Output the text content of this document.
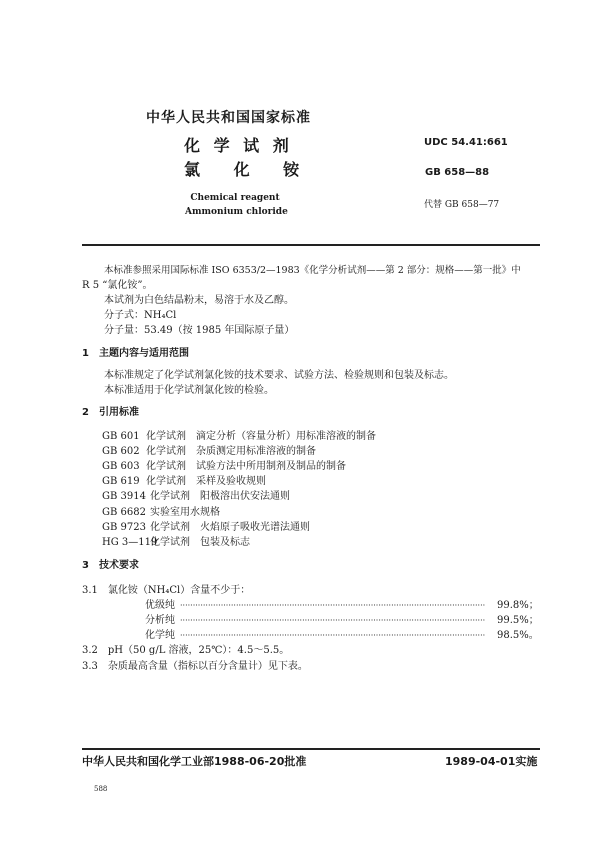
中华人民共和国国家标准
化 学 试 剂
氯　 化　 铵
Chemical reagent
Ammonium chloride
UDC 54.41:661
GB 658—88
代替 GB 658—77
本标准参照采用国际标准 ISO 6353/2—1983《化学分析试剂——第 2 部分：规格——第一批》中
R 5 “氯化铵”。
本试剂为白色结晶粉末，易溶于水及乙醇。
分子式：NH₄Cl
分子量：53.49（按 1985 年国际原子量）
1　主题内容与适用范围
本标准规定了化学试剂氯化铵的技术要求、试验方法、检验规则和包装及标志。
本标准适用于化学试剂氯化铵的检验。
2　引用标准
GB 601 化学试剂　滴定分析（容量分析）用标准溶液的制备
GB 602 化学试剂　杂质测定用标准溶液的制备
GB 603 化学试剂　试验方法中所用制剂及制品的制备
GB 619 化学试剂　采样及验收规则
GB 3914 化学试剂　阳极溶出伏安法通则
GB 6682 实验室用水规格
GB 9723 化学试剂　火焰原子吸收光谱法通则
HG 3—119
化学试剂　包装及标志
3　技术要求
3.1　氯化铵（NH₄Cl）含量不少于：
优级纯 ························································································································	99.8%；
分析纯 ························································································································	99.5%；
化学纯 ························································································································	98.5%。
3.2　pH（50 g/L 溶液，25℃）：4.5～5.5。
3.3　杂质最高含量（指标以百分含量计）见下表。
中华人民共和国化学工业部1988-06-20批准	1989-04-01实施
588
